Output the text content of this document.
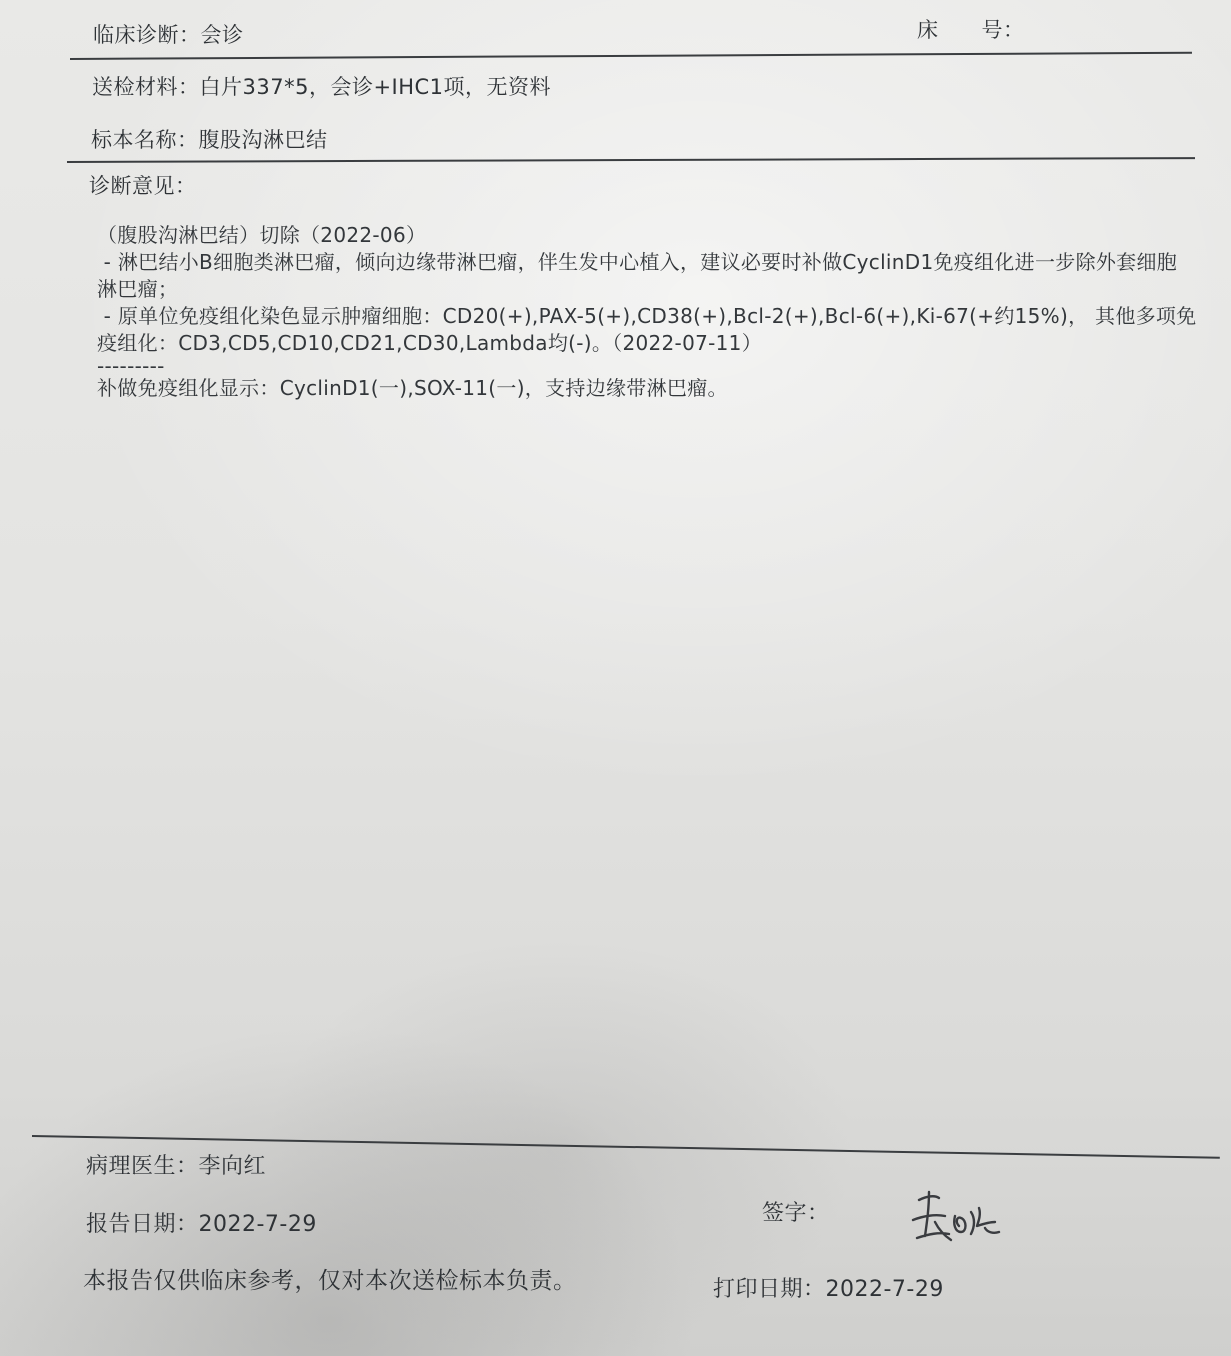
临床诊断：会诊	床　　号：
送检材料：白片337*5，会诊+IHC1项，无资料
标本名称：腹股沟淋巴结
诊断意见：

（腹股沟淋巴结）切除（2022-06）

- 淋巴结小B细胞类淋巴瘤，倾向边缘带淋巴瘤，伴生发中心植入，建议必要时补做CyclinD1免疫组化进一步除外套细胞淋巴瘤；

- 原单位免疫组化染色显示肿瘤细胞：CD20(+),PAX-5(+),CD38(+),Bcl-2(+),Bcl-6(+),Ki-67(+约15%)， 其他多项免疫组化：CD3,CD5,CD10,CD21,CD30,Lambda均(-)。（2022-07-11）

---------

补做免疫组化显示：CyclinD1(一),SOX-11(一)，支持边缘带淋巴瘤。

病理医生：李向红
报告日期：2022-7-29
本报告仅供临床参考，仅对本次送检标本负责。
签字：
打印日期：2022-7-29
